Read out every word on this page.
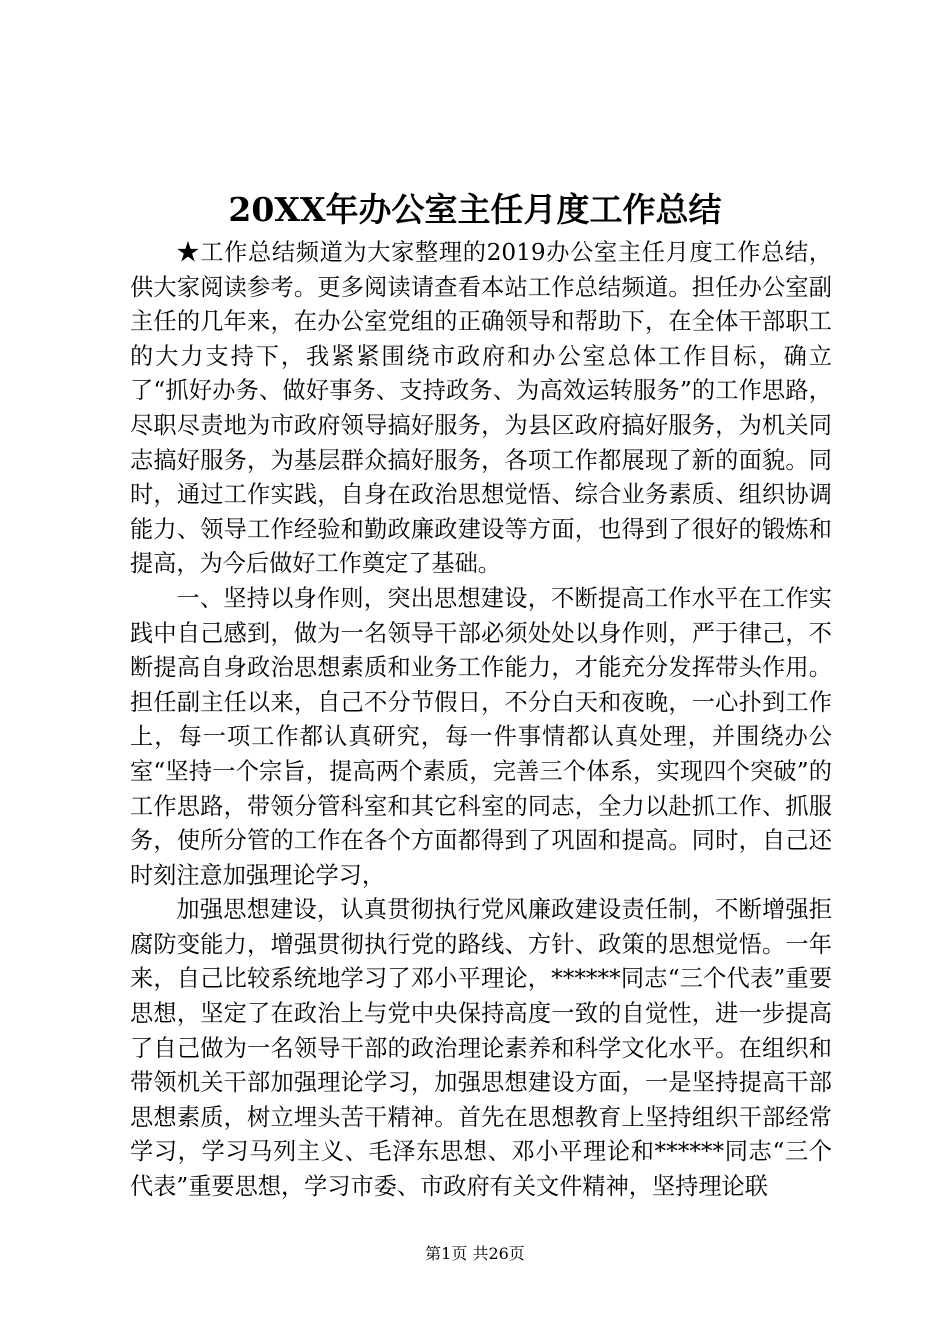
20XX年办公室主任月度工作总结

★工作总结频道为大家整理的2019办公室主任月度工作总结，供大家阅读参考。更多阅读请查看本站工作总结频道。担任办公室副主任的几年来，在办公室党组的正确领导和帮助下，在全体干部职工的大力支持下，我紧紧围绕市政府和办公室总体工作目标，确立了“抓好办务、做好事务、支持政务、为高效运转服务”的工作思路，尽职尽责地为市政府领导搞好服务，为县区政府搞好服务，为机关同志搞好服务，为基层群众搞好服务，各项工作都展现了新的面貌。同时，通过工作实践，自身在政治思想觉悟、综合业务素质、组织协调能力、领导工作经验和勤政廉政建设等方面，也得到了很好的锻炼和提高，为今后做好工作奠定了基础。

一、坚持以身作则，突出思想建设，不断提高工作水平在工作实践中自己感到，做为一名领导干部必须处处以身作则，严于律己，不断提高自身政治思想素质和业务工作能力，才能充分发挥带头作用。担任副主任以来，自己不分节假日，不分白天和夜晚，一心扑到工作上，每一项工作都认真研究，每一件事情都认真处理，并围绕办公室“坚持一个宗旨，提高两个素质，完善三个体系，实现四个突破”的工作思路，带领分管科室和其它科室的同志，全力以赴抓工作、抓服务，使所分管的工作在各个方面都得到了巩固和提高。同时，自己还时刻注意加强理论学习，

加强思想建设，认真贯彻执行党风廉政建设责任制，不断增强拒腐防变能力，增强贯彻执行党的路线、方针、政策的思想觉悟。一年来，自己比较系统地学习了邓小平理论，******同志“三个代表”重要思想，坚定了在政治上与党中央保持高度一致的自觉性，进一步提高了自己做为一名领导干部的政治理论素养和科学文化水平。在组织和带领机关干部加强理论学习，加强思想建设方面，一是坚持提高干部思想素质，树立埋头苦干精神。首先在思想教育上坚持组织干部经常学习，学习马列主义、毛泽东思想、邓小平理论和******同志“三个代表”重要思想，学习市委、市政府有关文件精神，坚持理论联

第1页 共26页
